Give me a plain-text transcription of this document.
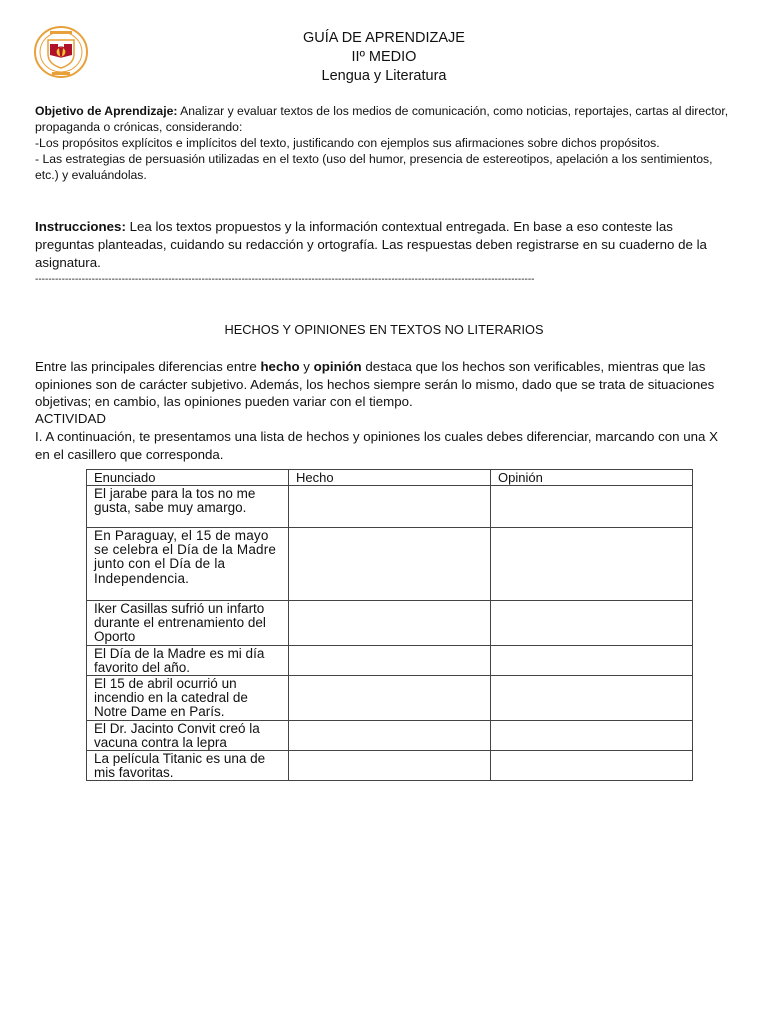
GUÍA DE APRENDIZAJE
IIº MEDIO
Lengua y Literatura
Objetivo de Aprendizaje: Analizar y evaluar textos de los medios de comunicación, como noticias, reportajes, cartas al director, propaganda o crónicas, considerando:
-Los propósitos explícitos e implícitos del texto, justificando con ejemplos sus afirmaciones sobre dichos propósitos.
- Las estrategias de persuasión utilizadas en el texto (uso del humor, presencia de estereotipos, apelación a los sentimientos, etc.) y evaluándolas.
Instrucciones: Lea los textos propuestos y la información contextual entregada. En base a eso conteste las preguntas planteadas, cuidando su redacción y ortografía. Las respuestas deben registrarse en su cuaderno de la asignatura.
------------------------------------------------------------------------------------------------------------------------------------------------------
HECHOS Y OPINIONES EN TEXTOS NO LITERARIOS
Entre las principales diferencias entre hecho y opinión destaca que los hechos son verificables, mientras que las opiniones son de carácter subjetivo. Además, los hechos siempre serán lo mismo, dado que se trata de situaciones objetivas; en cambio, las opiniones pueden variar con el tiempo.
ACTIVIDAD
I. A continuación, te presentamos una lista de hechos y opiniones los cuales debes diferenciar, marcando con una X en el casillero que corresponda.
Enunciado	Hecho	Opinión
El jarabe para la tos no me gusta, sabe muy amargo.		
En Paraguay, el 15 de mayo se celebra el Día de la Madre junto con el Día de la Independencia.		
Iker Casillas sufrió un infarto durante el entrenamiento del Oporto		
El Día de la Madre es mi día favorito del año.		
El 15 de abril ocurrió un incendio en la catedral de Notre Dame en París.		
El Dr. Jacinto Convit creó la vacuna contra la lepra		
La película Titanic es una de mis favoritas.		
